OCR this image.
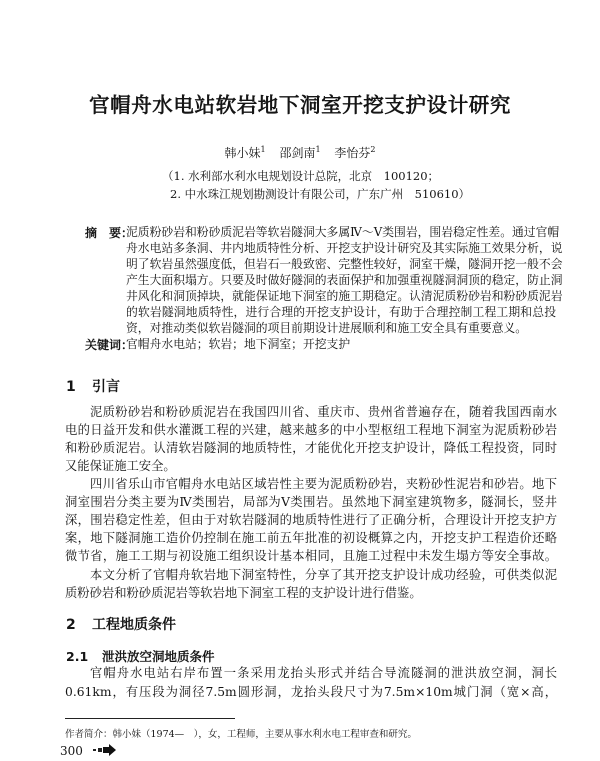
官帽舟水电站软岩地下洞室开挖支护设计研究
韩小妹$^1$ 邵剑南$^1$ 李怡芬$^2$
（1. 水利部水利水电规划设计总院，北京　100120；
2. 中水珠江规划勘测设计有限公司，广东广州　510610）
摘　要：
泥质粉砂岩和粉砂质泥岩等软岩隧洞大多属Ⅳ～Ⅴ类围岩，围岩稳定性差。通过官帽
舟水电站多条洞、井内地质特性分析、开挖支护设计研究及其实际施工效果分析，说
明了软岩虽然强度低，但岩石一般致密、完整性较好，洞室干燥，隧洞开挖一般不会
产生大面积塌方。只要及时做好隧洞的表面保护和加强重视隧洞洞顶的稳定，防止洞
井风化和洞顶掉块，就能保证地下洞室的施工期稳定。认清泥质粉砂岩和粉砂质泥岩
的软岩隧洞地质特性，进行合理的开挖支护设计，有助于合理控制工程工期和总投
资，对推动类似软岩隧洞的项目前期设计进展顺利和施工安全具有重要意义。
关键词：
官帽舟水电站；软岩；地下洞室；开挖支护
1 引言
泥质粉砂岩和粉砂质泥岩在我国四川省、重庆市、贵州省普遍存在，随着我国西南水
电的日益开发和供水灌溉工程的兴建，越来越多的中小型枢纽工程地下洞室为泥质粉砂岩
和粉砂质泥岩。认清软岩隧洞的地质特性，才能优化开挖支护设计，降低工程投资，同时
又能保证施工安全。
四川省乐山市官帽舟水电站区域岩性主要为泥质粉砂岩，夹粉砂性泥岩和砂岩。地下
洞室围岩分类主要为Ⅳ类围岩，局部为Ⅴ类围岩。虽然地下洞室建筑物多，隧洞长，竖井
深，围岩稳定性差，但由于对软岩隧洞的地质特性进行了正确分析，合理设计开挖支护方
案，地下隧洞施工造价仍控制在施工前五年批准的初设概算之内，开挖支护工程造价还略
微节省，施工工期与初设施工组织设计基本相同，且施工过程中未发生塌方等安全事故。
本文分析了官帽舟软岩地下洞室特性，分享了其开挖支护设计成功经验，可供类似泥
质粉砂岩和粉砂质泥岩等软岩地下洞室工程的支护设计进行借鉴。
2 工程地质条件
2.1 泄洪放空洞地质条件
官帽舟水电站右岸布置一条采用龙抬头形式并结合导流隧洞的泄洪放空洞，洞长
0.61km，有压段为洞径7.5m圆形洞，龙抬头段尺寸为7.5m×10m城门洞（宽×高，
作者简介：韩小妹（1974—　），女，工程师，主要从事水利水电工程审查和研究。
300
